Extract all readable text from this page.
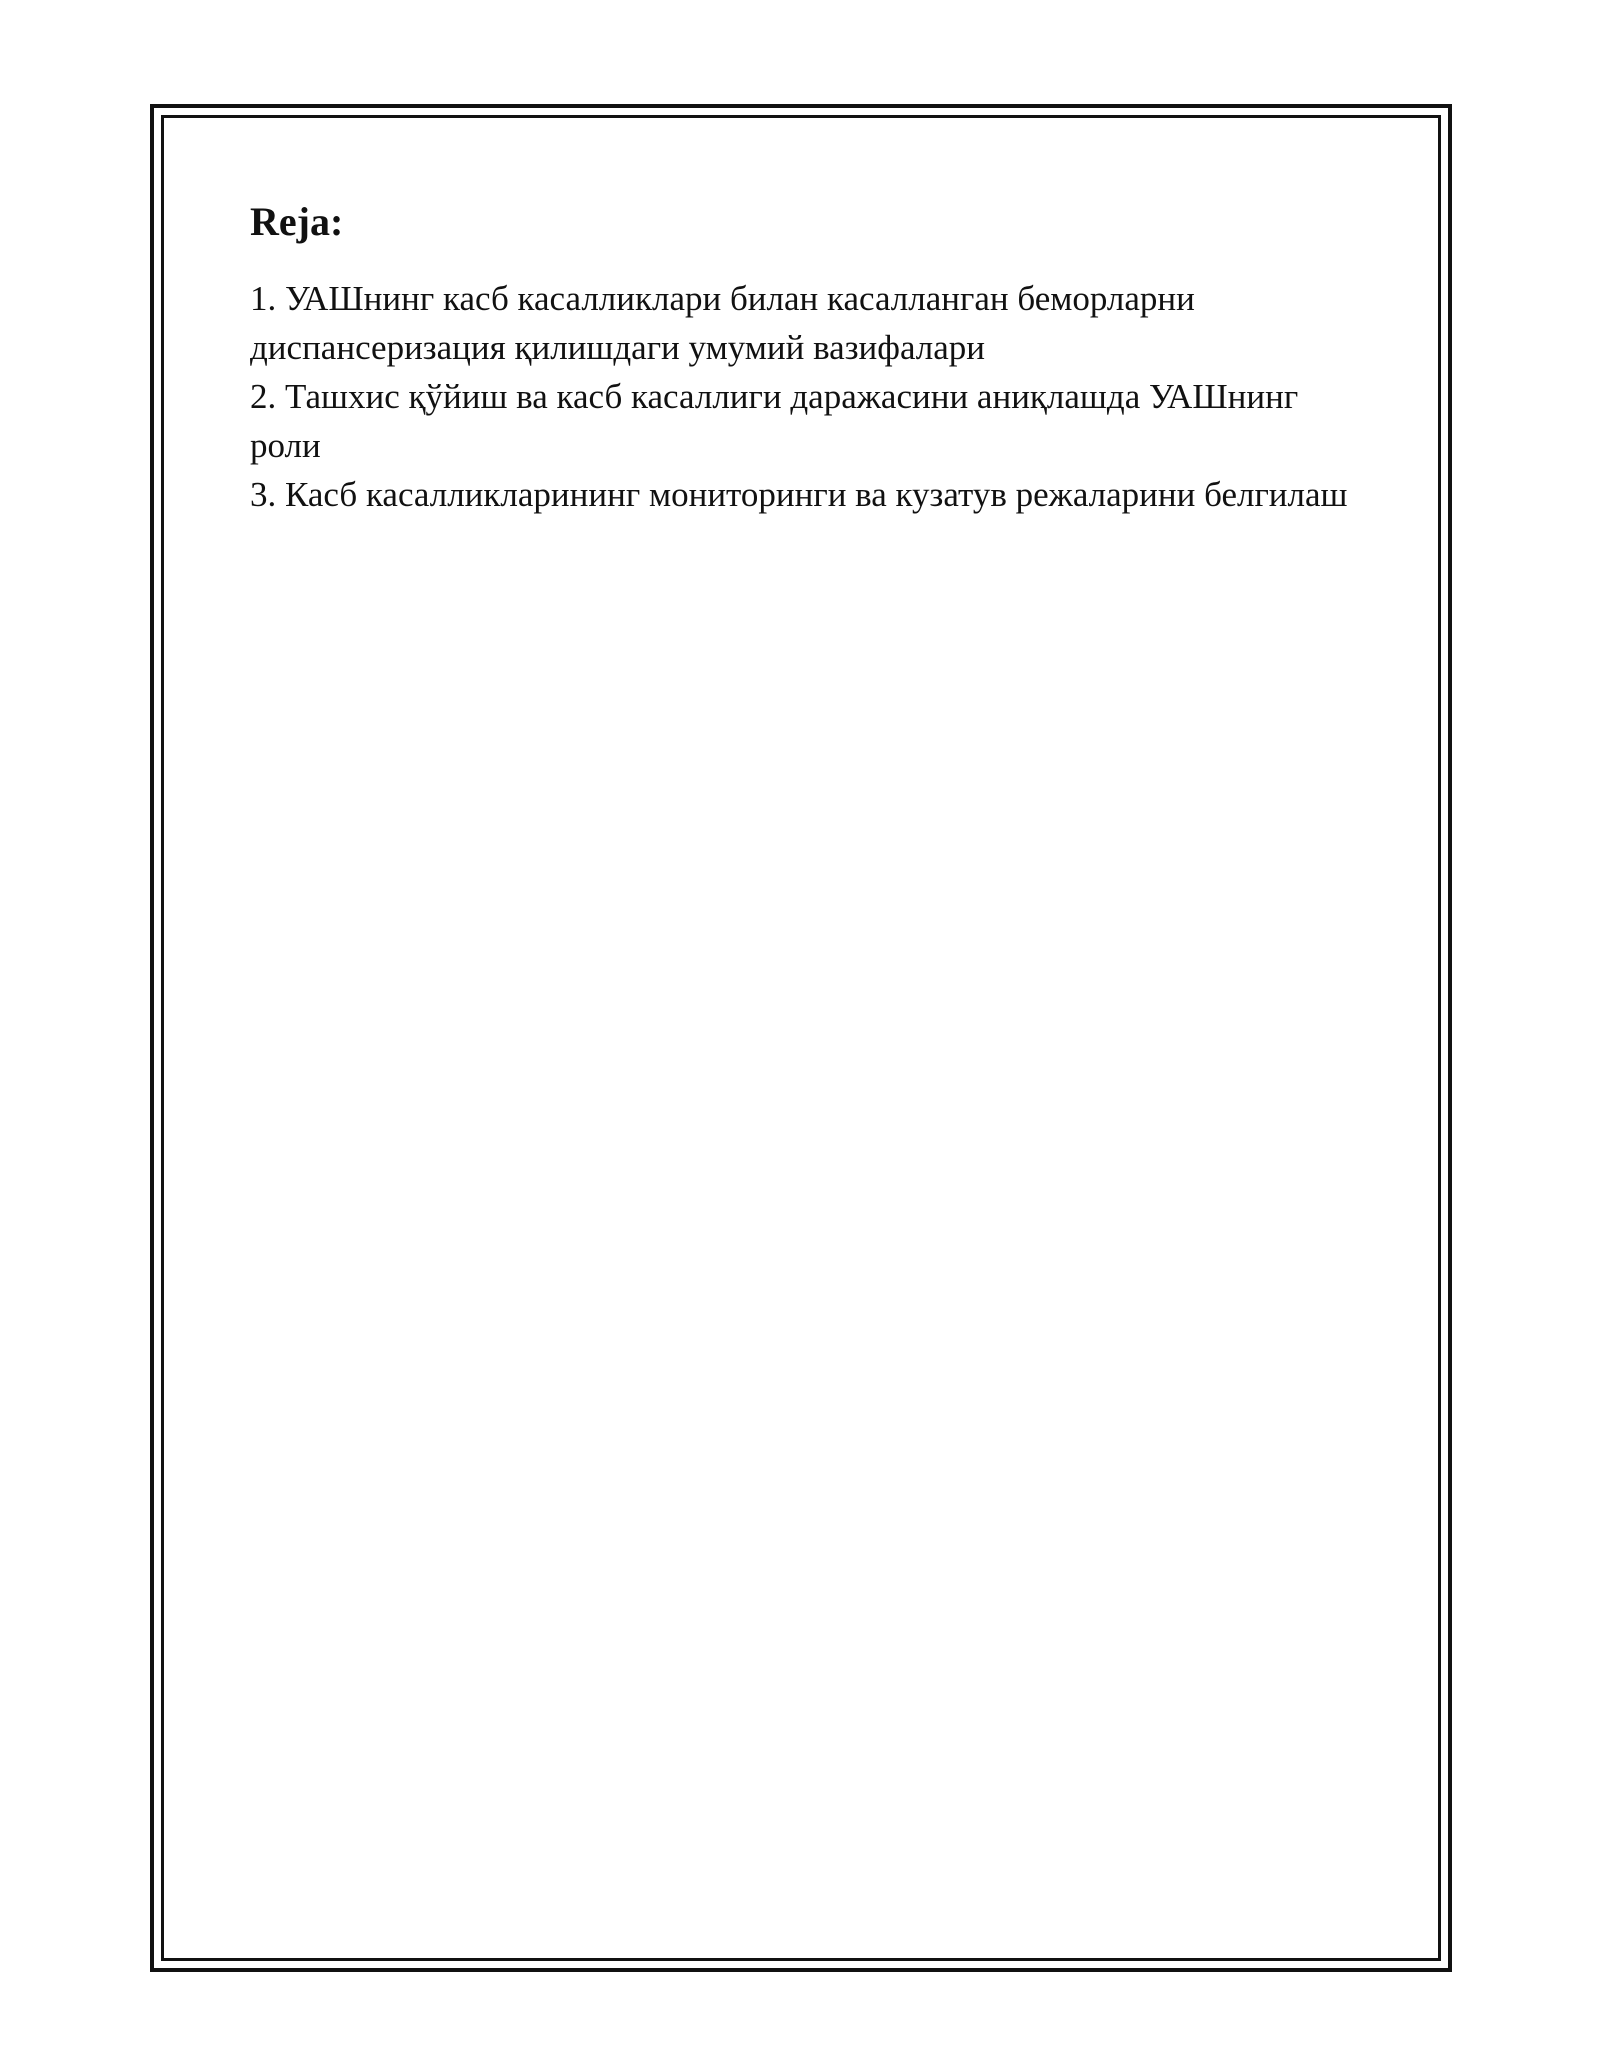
Reja:
1. УАШнинг касб касалликлари билан касалланган беморларни диспансеризация қилишдаги умумий вазифалари
2. Ташхис қўйиш ва касб касаллиги даражасини аниқлашда УАШнинг роли
3. Касб касалликларининг мониторинги ва кузатув режаларини белгилаш
